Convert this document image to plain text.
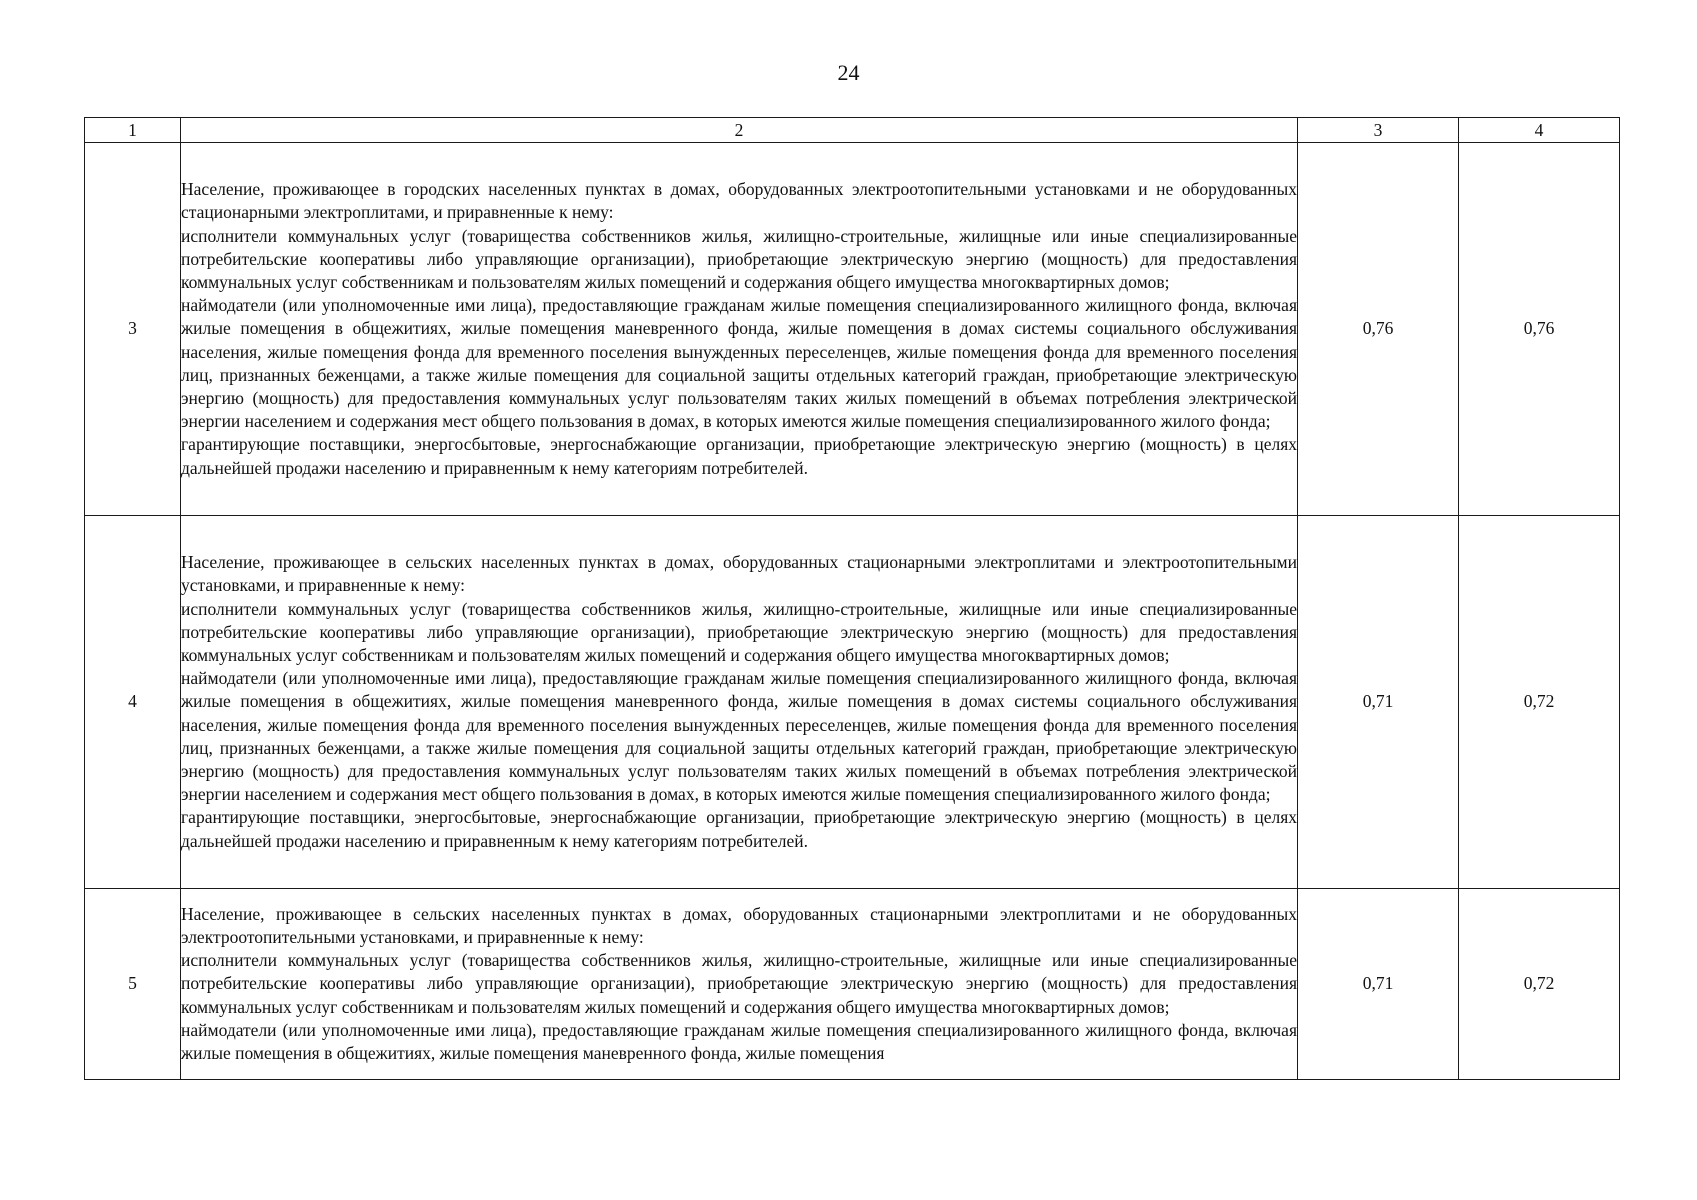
24
1	2	3	4
3	Население, проживающее в городских населенных пунктах в домах, оборудованных электроотопительными установками и не оборудованных стационарными электроплитами, и приравненные к нему:
исполнители коммунальных услуг (товарищества собственников жилья, жилищно-строительные, жилищные или иные специализированные потребительские кооперативы либо управляющие организации), приобретающие электрическую энергию (мощность) для предоставления коммунальных услуг собственникам и пользователям жилых помещений и содержания общего имущества многоквартирных домов;
наймодатели (или уполномоченные ими лица), предоставляющие гражданам жилые помещения специализированного жилищного фонда, включая жилые помещения в общежитиях, жилые помещения маневренного фонда, жилые помещения в домах системы социального обслуживания населения, жилые помещения фонда для временного поселения вынужденных переселенцев, жилые помещения фонда для временного поселения лиц, признанных беженцами, а также жилые помещения для социальной защиты отдельных категорий граждан, приобретающие электрическую энергию (мощность) для предоставления коммунальных услуг пользователям таких жилых помещений в объемах потребления электрической энергии населением и содержания мест общего пользования в домах, в которых имеются жилые помещения специализированного жилого фонда;
гарантирующие поставщики, энергосбытовые, энергоснабжающие организации, приобретающие электрическую энергию (мощность) в целях дальнейшей продажи населению и приравненным к нему категориям потребителей.	0,76	0,76
4	Население, проживающее в сельских населенных пунктах в домах, оборудованных стационарными электроплитами и электроотопительными установками, и приравненные к нему:
исполнители коммунальных услуг (товарищества собственников жилья, жилищно-строительные, жилищные или иные специализированные потребительские кооперативы либо управляющие организации), приобретающие электрическую энергию (мощность) для предоставления коммунальных услуг собственникам и пользователям жилых помещений и содержания общего имущества многоквартирных домов;
наймодатели (или уполномоченные ими лица), предоставляющие гражданам жилые помещения специализированного жилищного фонда, включая жилые помещения в общежитиях, жилые помещения маневренного фонда, жилые помещения в домах системы социального обслуживания населения, жилые помещения фонда для временного поселения вынужденных переселенцев, жилые помещения фонда для временного поселения лиц, признанных беженцами, а также жилые помещения для социальной защиты отдельных категорий граждан, приобретающие электрическую энергию (мощность) для предоставления коммунальных услуг пользователям таких жилых помещений в объемах потребления электрической энергии населением и содержания мест общего пользования в домах, в которых имеются жилые помещения специализированного жилого фонда;
гарантирующие поставщики, энергосбытовые, энергоснабжающие организации, приобретающие электрическую энергию (мощность) в целях дальнейшей продажи населению и приравненным к нему категориям потребителей.	0,71	0,72
5	Население, проживающее в сельских населенных пунктах в домах, оборудованных стационарными электроплитами и не оборудованных электроотопительными установками, и приравненные к нему:
исполнители коммунальных услуг (товарищества собственников жилья, жилищно-строительные, жилищные или иные специализированные потребительские кооперативы либо управляющие организации), приобретающие электрическую энергию (мощность) для предоставления коммунальных услуг собственникам и пользователям жилых помещений и содержания общего имущества многоквартирных домов;
наймодатели (или уполномоченные ими лица), предоставляющие гражданам жилые помещения специализированного жилищного фонда, включая жилые помещения в общежитиях, жилые помещения маневренного фонда, жилые помещения	0,71	0,72
